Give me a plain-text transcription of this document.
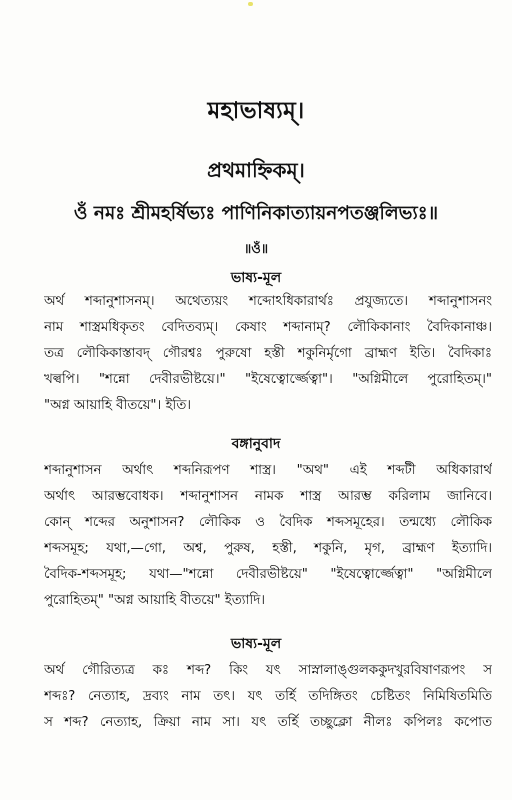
মহাভাষ্যম্।
প্রথমাহ্নিকম্।
ওঁ নমঃ শ্রীমহর্ষিভ্যঃ পাণিনিকাত্যায়নপতঞ্জলিভ্যঃ॥
॥ওঁ॥
ভাষ্য-মূল
অর্থ শব্দানুশাসনম্। অথেত্যয়ং শব্দোঽধিকারার্থঃ প্রযুজ্যতে। শব্দানুশাসনং
নাম শাস্ত্রমধিকৃতং বেদিতব্যম্। কেষাং শব্দানাম্? লৌকিকানাং বৈদিকানাঞ্চ।
তত্র লৌকিকাস্তাবদ্ গৌরশ্বঃ পুরুষো হস্তী শকুনির্মৃগো ব্রাহ্মণ ইতি। বৈদিকাঃ
খল্বপি। "শন্নো দেবীরভীষ্টয়ে।" "ইষেত্বোর্জ্জেত্বা"। "অগ্নিমীলে পুরোহিতম্।"
"অগ্ন আয়াহি বীতয়ে"। ইতি।
বঙ্গানুবাদ
শব্দানুশাসন অর্থাৎ শব্দনিরূপণ শাস্ত্র। "অথ" এই শব্দটী অধিকারার্থ
অর্থাৎ আরম্ভবোধক। শব্দানুশাসন নামক শাস্ত্র আরম্ভ করিলাম জানিবে।
কোন্ শব্দের অনুশাসন? লৌকিক ও বৈদিক শব্দসমূহের। তন্মধ্যে লৌকিক
শব্দসমূহ; যথা,—গো, অশ্ব, পুরুষ, হস্তী, শকুনি, মৃগ, ব্রাহ্মণ ইত্যাদি।
বৈদিক-শব্দসমূহ; যথা—"শন্নো দেবীরভীষ্টয়ে" "ইষেত্বোর্জ্জেত্বা" "অগ্নিমীলে
পুরোহিতম্" "অগ্ন আয়াহি বীতয়ে" ইত্যাদি।
ভাষ্য-মূল
অর্থ গৌরিত্যত্র কঃ শব্দ? কিং যৎ সাস্নালাঙ্গুলককুদখুরবিষাণরূপং স
শব্দঃ? নেত্যাহ, দ্রব্যং নাম তৎ। যৎ তর্হি তদিঙ্গিতং চেষ্টিতং নিমিষিতমিতি
স শব্দ? নেত্যাহ, ক্রিয়া নাম সা। যৎ তর্হি তচ্ছুক্লো নীলঃ কপিলঃ কপোত
